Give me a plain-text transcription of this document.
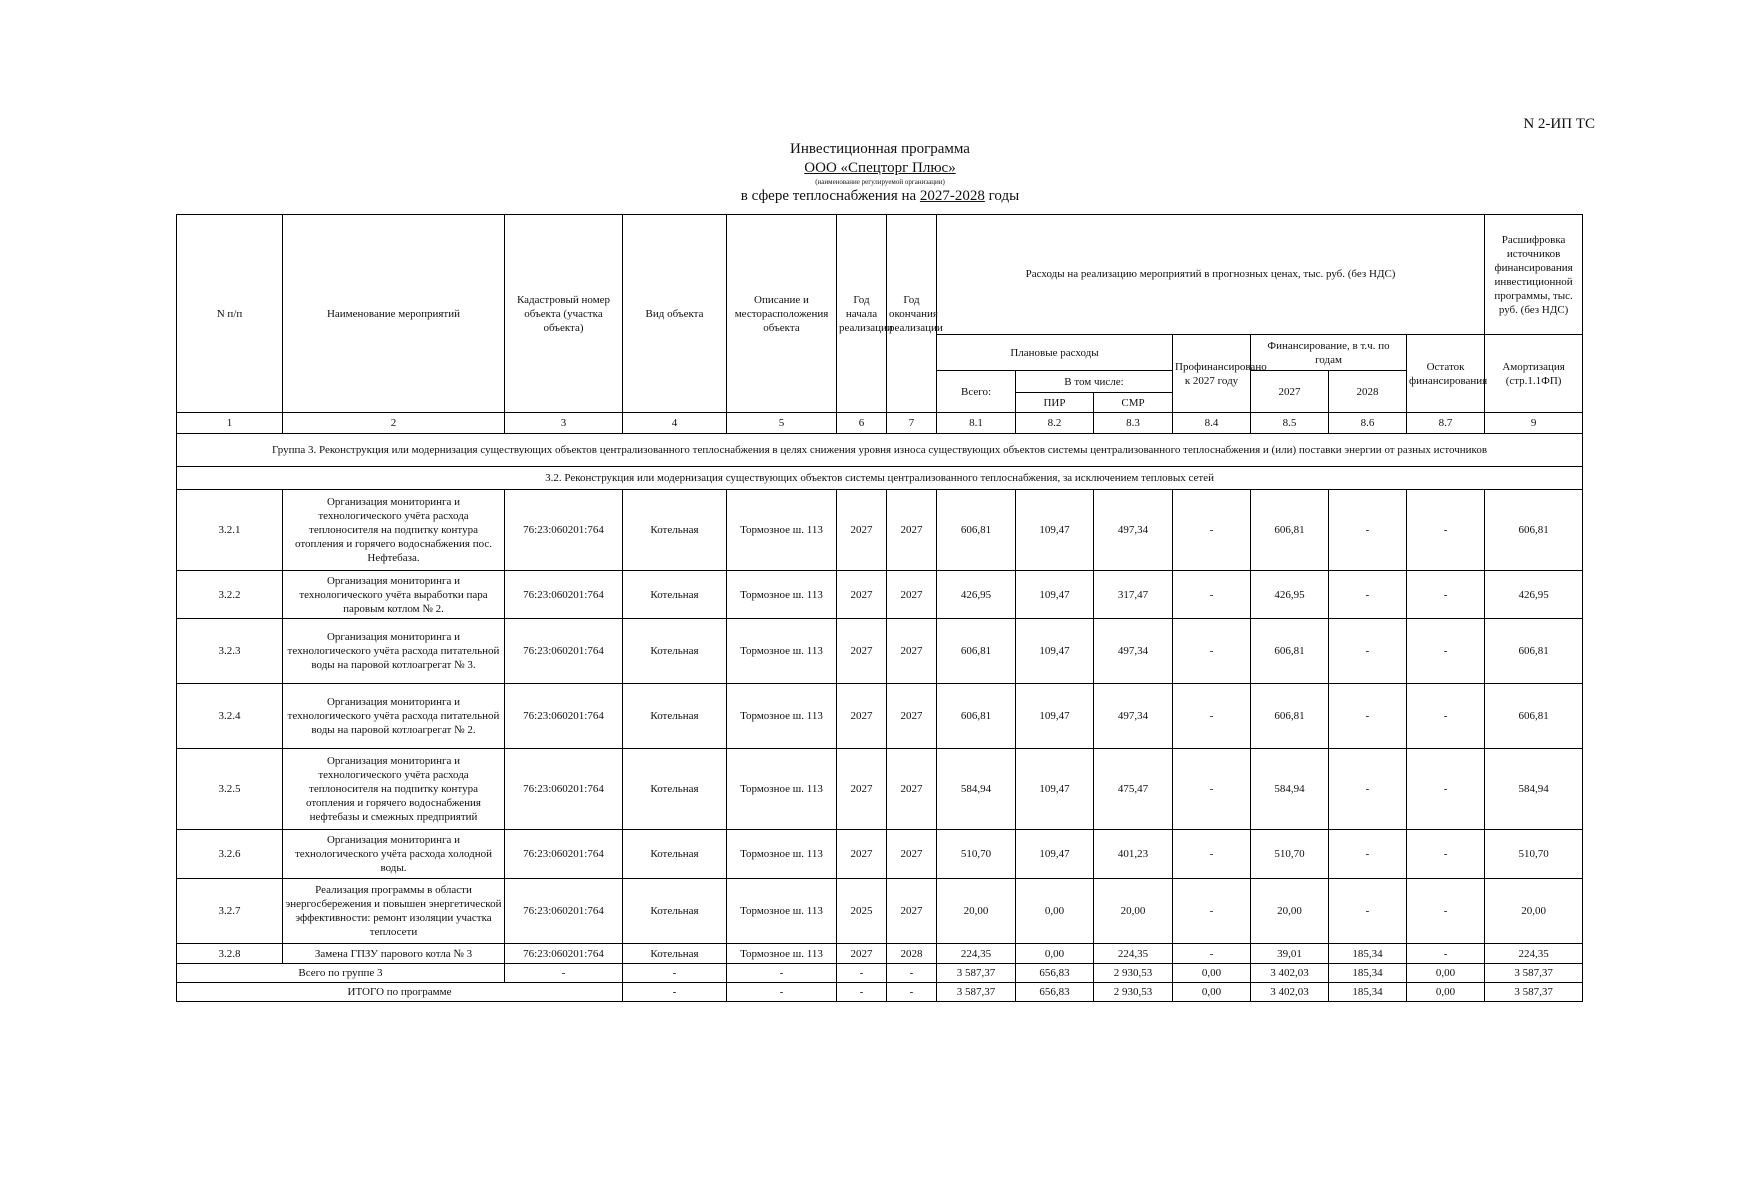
N 2-ИП ТС
Инвестиционная программа
ООО «Спецторг Плюс»
(наименование регулируемой организации)
в сфере теплоснабжения на 2027-2028 годы
N п/п	Наименование мероприятий	Кадастровый номер объекта (участка объекта)	Вид объекта	Описание и месторасположения объекта	Год начала реализации	Год окончания реализации	Расходы на реализацию мероприятий в прогнозных ценах, тыс. руб. (без НДС)							Расшифровка источников финансирования инвестиционной программы, тыс. руб. (без НДС)
							Плановые расходы			Профинансировано к 2027 году	Финансирование, в т.ч. по годам		Остаток финансирования	Амортизация (стр.1.1ФП)
							Всего:	В том числе:			2027	2028		
								ПИР	СМР					
1	2	3	4	5	6	7	8.1	8.2	8.3	8.4	8.5	8.6	8.7	9
Группа 3. Реконструкция или модернизация существующих объектов централизованного теплоснабжения в целях снижения уровня износа существующих объектов системы централизованного теплоснабжения и (или) поставки энергии от разных источников														
3.2. Реконструкция или модернизация существующих объектов системы централизованного теплоснабжения, за исключением тепловых сетей														
3.2.1	Организация мониторинга и технологического учёта расхода теплоносителя на подпитку контура отопления и горячего водоснабжения пос. Нефтебаза.	76:23:060201:764	Котельная	Тормозное ш. 113	2027	2027	606,81	109,47	497,34	-	606,81	-	-	606,81
3.2.2	Организация мониторинга и технологического учёта выработки пара паровым котлом № 2.	76:23:060201:764	Котельная	Тормозное ш. 113	2027	2027	426,95	109,47	317,47	-	426,95	-	-	426,95
3.2.3	Организация мониторинга и технологического учёта расхода питательной воды на паровой котлоагрегат № 3.	76:23:060201:764	Котельная	Тормозное ш. 113	2027	2027	606,81	109,47	497,34	-	606,81	-	-	606,81
3.2.4	Организация мониторинга и технологического учёта расхода питательной воды на паровой котлоагрегат № 2.	76:23:060201:764	Котельная	Тормозное ш. 113	2027	2027	606,81	109,47	497,34	-	606,81	-	-	606,81
3.2.5	Организация мониторинга и технологического учёта расхода теплоносителя на подпитку контура отопления и горячего водоснабжения нефтебазы и смежных предприятий	76:23:060201:764	Котельная	Тормозное ш. 113	2027	2027	584,94	109,47	475,47	-	584,94	-	-	584,94
3.2.6	Организация мониторинга и технологического учёта расхода холодной воды.	76:23:060201:764	Котельная	Тормозное ш. 113	2027	2027	510,70	109,47	401,23	-	510,70	-	-	510,70
3.2.7	Реализация программы в области энергосбережения и повышен энергетической эффективности: ремонт изоляции участка теплосети	76:23:060201:764	Котельная	Тормозное ш. 113	2025	2027	20,00	0,00	20,00	-	20,00	-	-	20,00
3.2.8	Замена ГПЗУ парового котла № 3	76:23:060201:764	Котельная	Тормозное ш. 113	2027	2028	224,35	0,00	224,35	-	39,01	185,34	-	224,35
Всего по группе 3		-	-	-	-	-	3 587,37	656,83	2 930,53	0,00	3 402,03	185,34	0,00	3 587,37
ИТОГО по программе			-	-	-	-	3 587,37	656,83	2 930,53	0,00	3 402,03	185,34	0,00	3 587,37
